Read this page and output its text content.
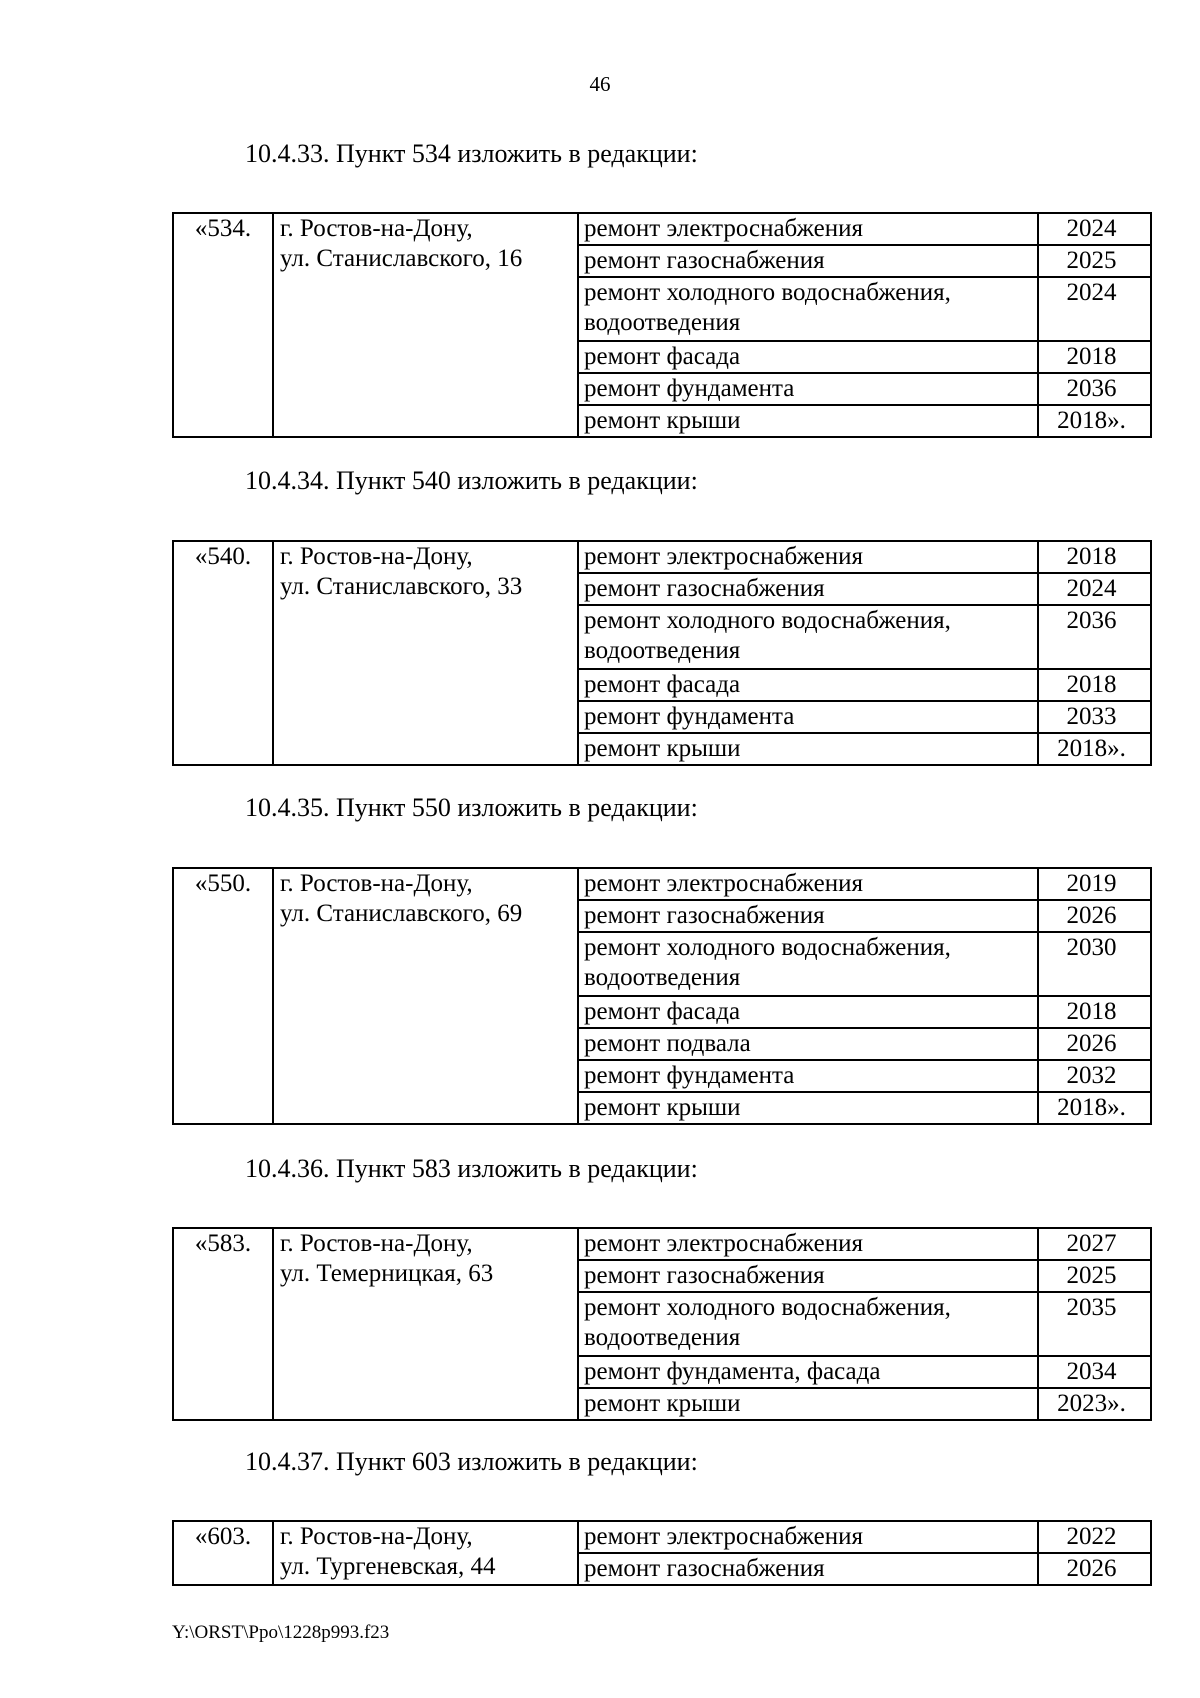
46
10.4.33. Пункт 534 изложить в редакции:
«534.	г. Ростов-на-Дону,
ул. Станиславского, 16	ремонт электроснабжения	2024
		ремонт газоснабжения	2025
		ремонт холодного водоснабжения, водоотведения	2024
		ремонт фасада	2018
		ремонт фундамента	2036
		ремонт крыши	2018».
10.4.34. Пункт 540 изложить в редакции:
«540.	г. Ростов-на-Дону,
ул. Станиславского, 33	ремонт электроснабжения	2018
		ремонт газоснабжения	2024
		ремонт холодного водоснабжения, водоотведения	2036
		ремонт фасада	2018
		ремонт фундамента	2033
		ремонт крыши	2018».
10.4.35. Пункт 550 изложить в редакции:
«550.	г. Ростов-на-Дону,
ул. Станиславского, 69	ремонт электроснабжения	2019
		ремонт газоснабжения	2026
		ремонт холодного водоснабжения, водоотведения	2030
		ремонт фасада	2018
		ремонт подвала	2026
		ремонт фундамента	2032
		ремонт крыши	2018».
10.4.36. Пункт 583 изложить в редакции:
«583.	г. Ростов-на-Дону,
ул. Темерницкая, 63	ремонт электроснабжения	2027
		ремонт газоснабжения	2025
		ремонт холодного водоснабжения, водоотведения	2035
		ремонт фундамента, фасада	2034
		ремонт крыши	2023».
10.4.37. Пункт 603 изложить в редакции:
«603.	г. Ростов-на-Дону,
ул. Тургеневская, 44	ремонт электроснабжения	2022
		ремонт газоснабжения	2026
Y:\ORST\Ppo\1228p993.f23
